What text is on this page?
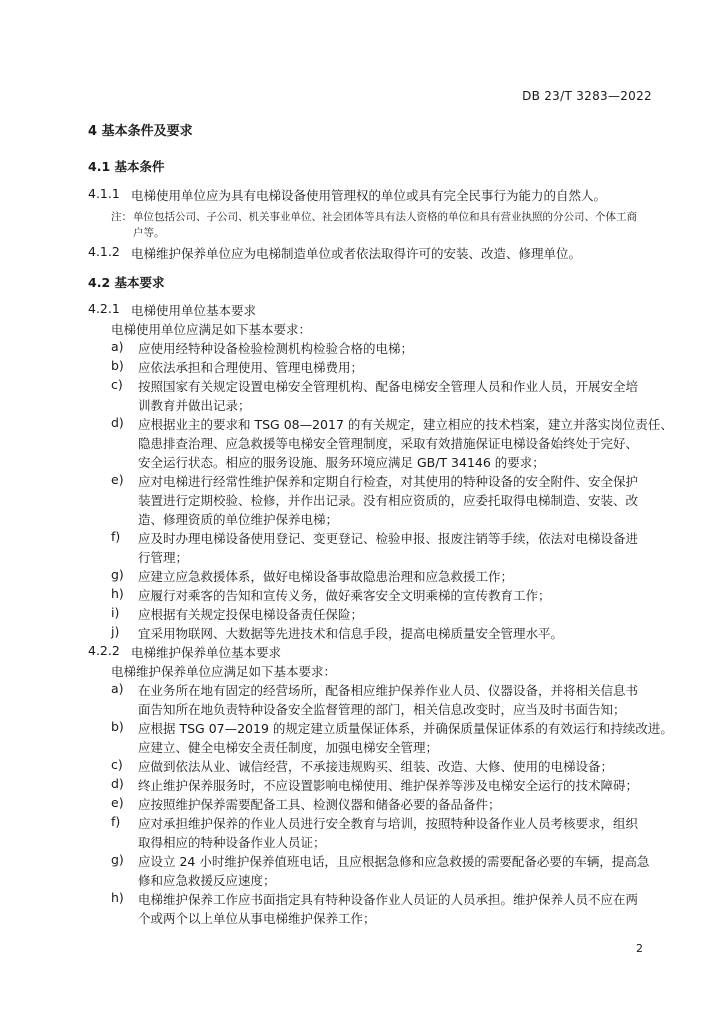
DB 23/T 3283—2022
4 基本条件及要求
4.1 基本条件
4.1.1 电梯使用单位应为具有电梯设备使用管理权的单位或具有完全民事行为能力的自然人。
注： 单位包括公司、子公司、机关事业单位、社会团体等具有法人资格的单位和具有营业执照的分公司、个体工商
户等。
4.1.2 电梯维护保养单位应为电梯制造单位或者依法取得许可的安装、改造、修理单位。
4.2 基本要求
4.2.1 电梯使用单位基本要求
电梯使用单位应满足如下基本要求：
a) 应使用经特种设备检验检测机构检验合格的电梯；
b) 应依法承担和合理使用、管理电梯费用；
c) 按照国家有关规定设置电梯安全管理机构、配备电梯安全管理人员和作业人员，开展安全培
训教育并做出记录；
d) 应根据业主的要求和 TSG 08—2017 的有关规定，建立相应的技术档案，建立并落实岗位责任、
隐患排查治理、应急救援等电梯安全管理制度，采取有效措施保证电梯设备始终处于完好、
安全运行状态。相应的服务设施、服务环境应满足 GB/T 34146 的要求；
e) 应对电梯进行经常性维护保养和定期自行检查，对其使用的特种设备的安全附件、安全保护
装置进行定期校验、检修，并作出记录。没有相应资质的，应委托取得电梯制造、安装、改
造、修理资质的单位维护保养电梯；
f) 应及时办理电梯设备使用登记、变更登记、检验申报、报废注销等手续，依法对电梯设备进
行管理；
g) 应建立应急救援体系，做好电梯设备事故隐患治理和应急救援工作；
h) 应履行对乘客的告知和宣传义务，做好乘客安全文明乘梯的宣传教育工作；
i) 应根据有关规定投保电梯设备责任保险；
j) 宜采用物联网、大数据等先进技术和信息手段，提高电梯质量安全管理水平。
4.2.2 电梯维护保养单位基本要求
电梯维护保养单位应满足如下基本要求：
a) 在业务所在地有固定的经营场所，配备相应维护保养作业人员、仪器设备，并将相关信息书
面告知所在地负责特种设备安全监督管理的部门，相关信息改变时，应当及时书面告知；
b) 应根据 TSG 07—2019 的规定建立质量保证体系，并确保质量保证体系的有效运行和持续改进。
应建立、健全电梯安全责任制度，加强电梯安全管理；
c) 应做到依法从业、诚信经营，不承接违规购买、组装、改造、大修、使用的电梯设备；
d) 终止维护保养服务时，不应设置影响电梯使用、维护保养等涉及电梯安全运行的技术障碍；
e) 应按照维护保养需要配备工具、检测仪器和储备必要的备品备件；
f) 应对承担维护保养的作业人员进行安全教育与培训，按照特种设备作业人员考核要求，组织
取得相应的特种设备作业人员证；
g) 应设立 24 小时维护保养值班电话，且应根据急修和应急救援的需要配备必要的车辆，提高急
修和应急救援反应速度；
h) 电梯维护保养工作应书面指定具有特种设备作业人员证的人员承担。维护保养人员不应在两
个或两个以上单位从事电梯维护保养工作；
2
